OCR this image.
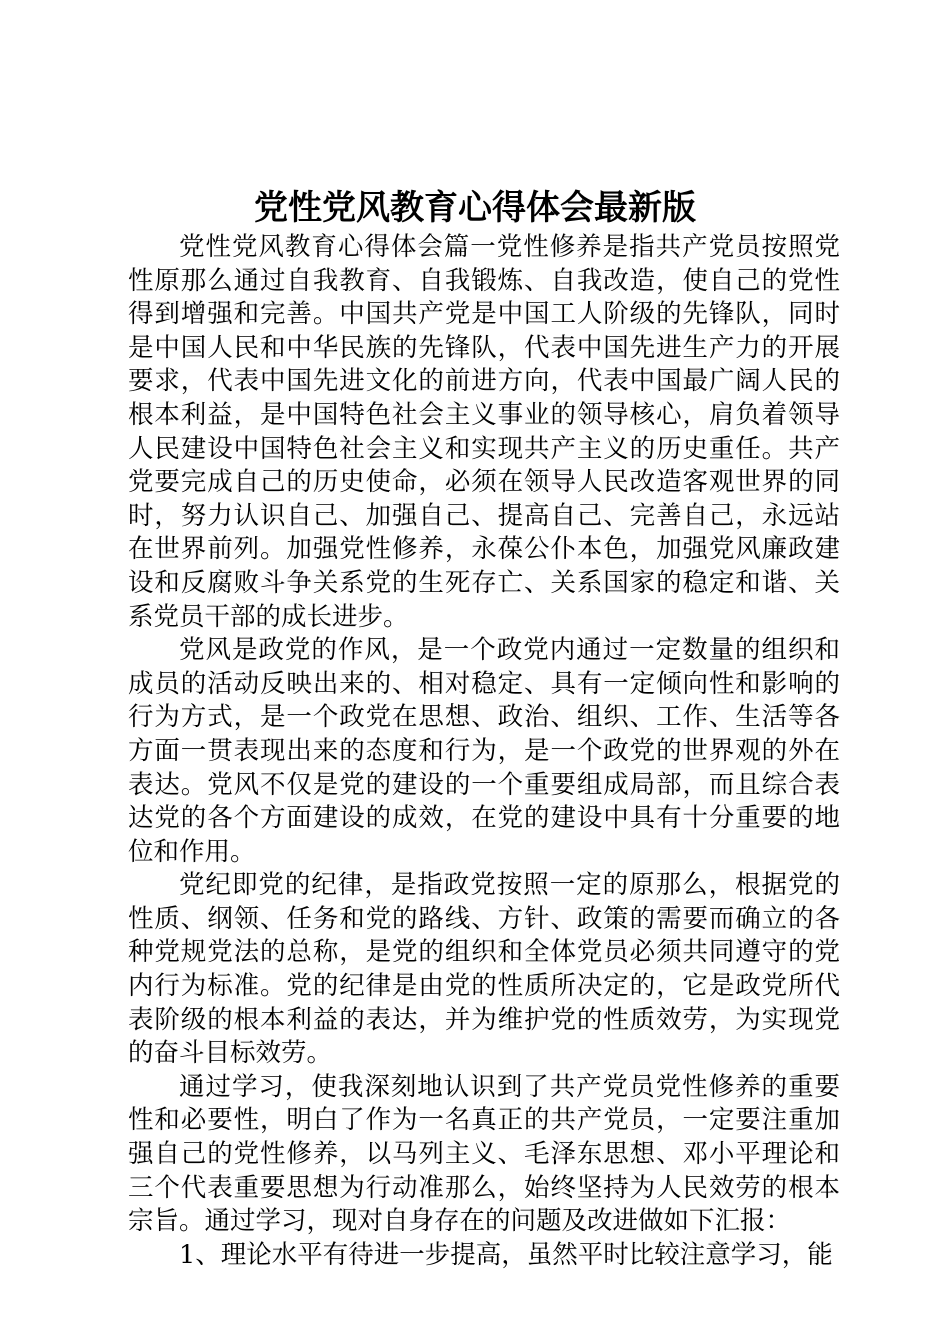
党性党风教育心得体会最新版

党性党风教育心得体会篇一党性修养是指共产党员按照党性原那么通过自我教育、自我锻炼、自我改造，使自己的党性得到增强和完善。中国共产党是中国工人阶级的先锋队，同时是中国人民和中华民族的先锋队，代表中国先进生产力的开展要求，代表中国先进文化的前进方向，代表中国最广阔人民的根本利益，是中国特色社会主义事业的领导核心，肩负着领导人民建设中国特色社会主义和实现共产主义的历史重任。共产党要完成自己的历史使命，必须在领导人民改造客观世界的同时，努力认识自己、加强自己、提高自己、完善自己，永远站在世界前列。加强党性修养，永葆公仆本色，加强党风廉政建设和反腐败斗争关系党的生死存亡、关系国家的稳定和谐、关系党员干部的成长进步。

党风是政党的作风，是一个政党内通过一定数量的组织和成员的活动反映出来的、相对稳定、具有一定倾向性和影响的行为方式，是一个政党在思想、政治、组织、工作、生活等各方面一贯表现出来的态度和行为，是一个政党的世界观的外在表达。党风不仅是党的建设的一个重要组成局部，而且综合表达党的各个方面建设的成效，在党的建设中具有十分重要的地位和作用。

党纪即党的纪律，是指政党按照一定的原那么，根据党的性质、纲领、任务和党的路线、方针、政策的需要而确立的各种党规党法的总称，是党的组织和全体党员必须共同遵守的党内行为标准。党的纪律是由党的性质所决定的，它是政党所代表阶级的根本利益的表达，并为维护党的性质效劳，为实现党的奋斗目标效劳。

通过学习，使我深刻地认识到了共产党员党性修养的重要性和必要性，明白了作为一名真正的共产党员，一定要注重加强自己的党性修养，以马列主义、毛泽东思想、邓小平理论和三个代表重要思想为行动准那么，始终坚持为人民效劳的根本宗旨。通过学习，现对自身存在的问题及改进做如下汇报：

1、理论水平有待进一步提高，虽然平时比较注意学习，能
